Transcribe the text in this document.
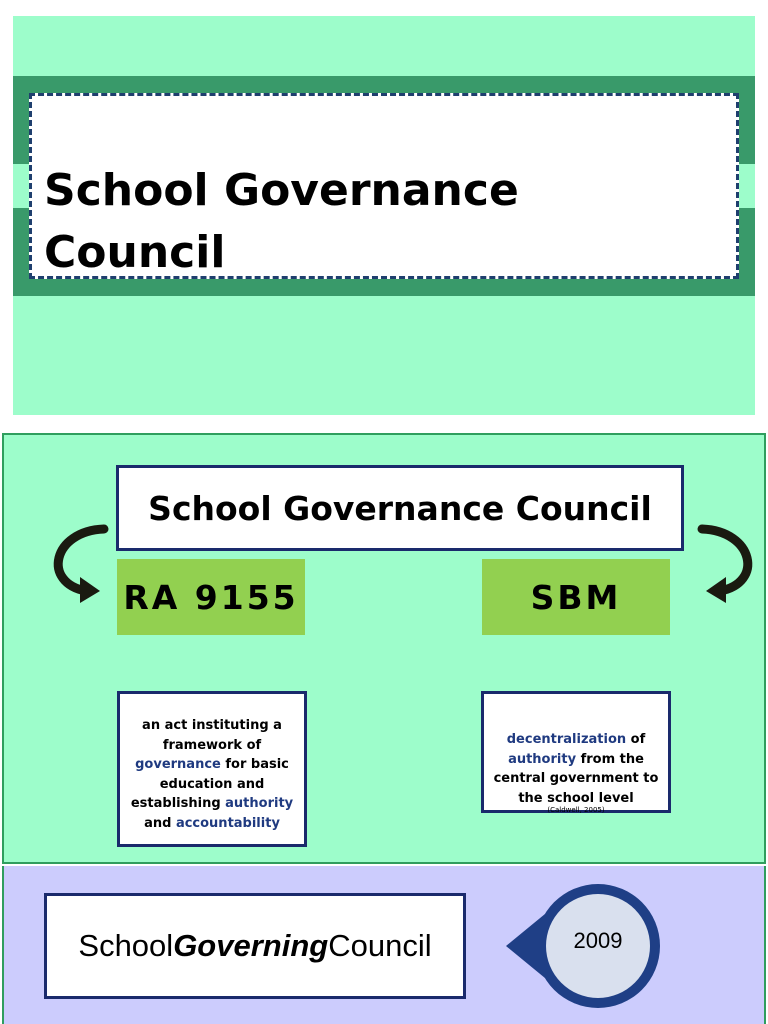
School Governance
Council
School Governance Council
RA 9155	SBM
an act instituting a framework of governance for basic education and establishing authority and accountability
decentralization of authority from the central government to the school level
(Caldwell, 2005)
School Governing Council	2009
